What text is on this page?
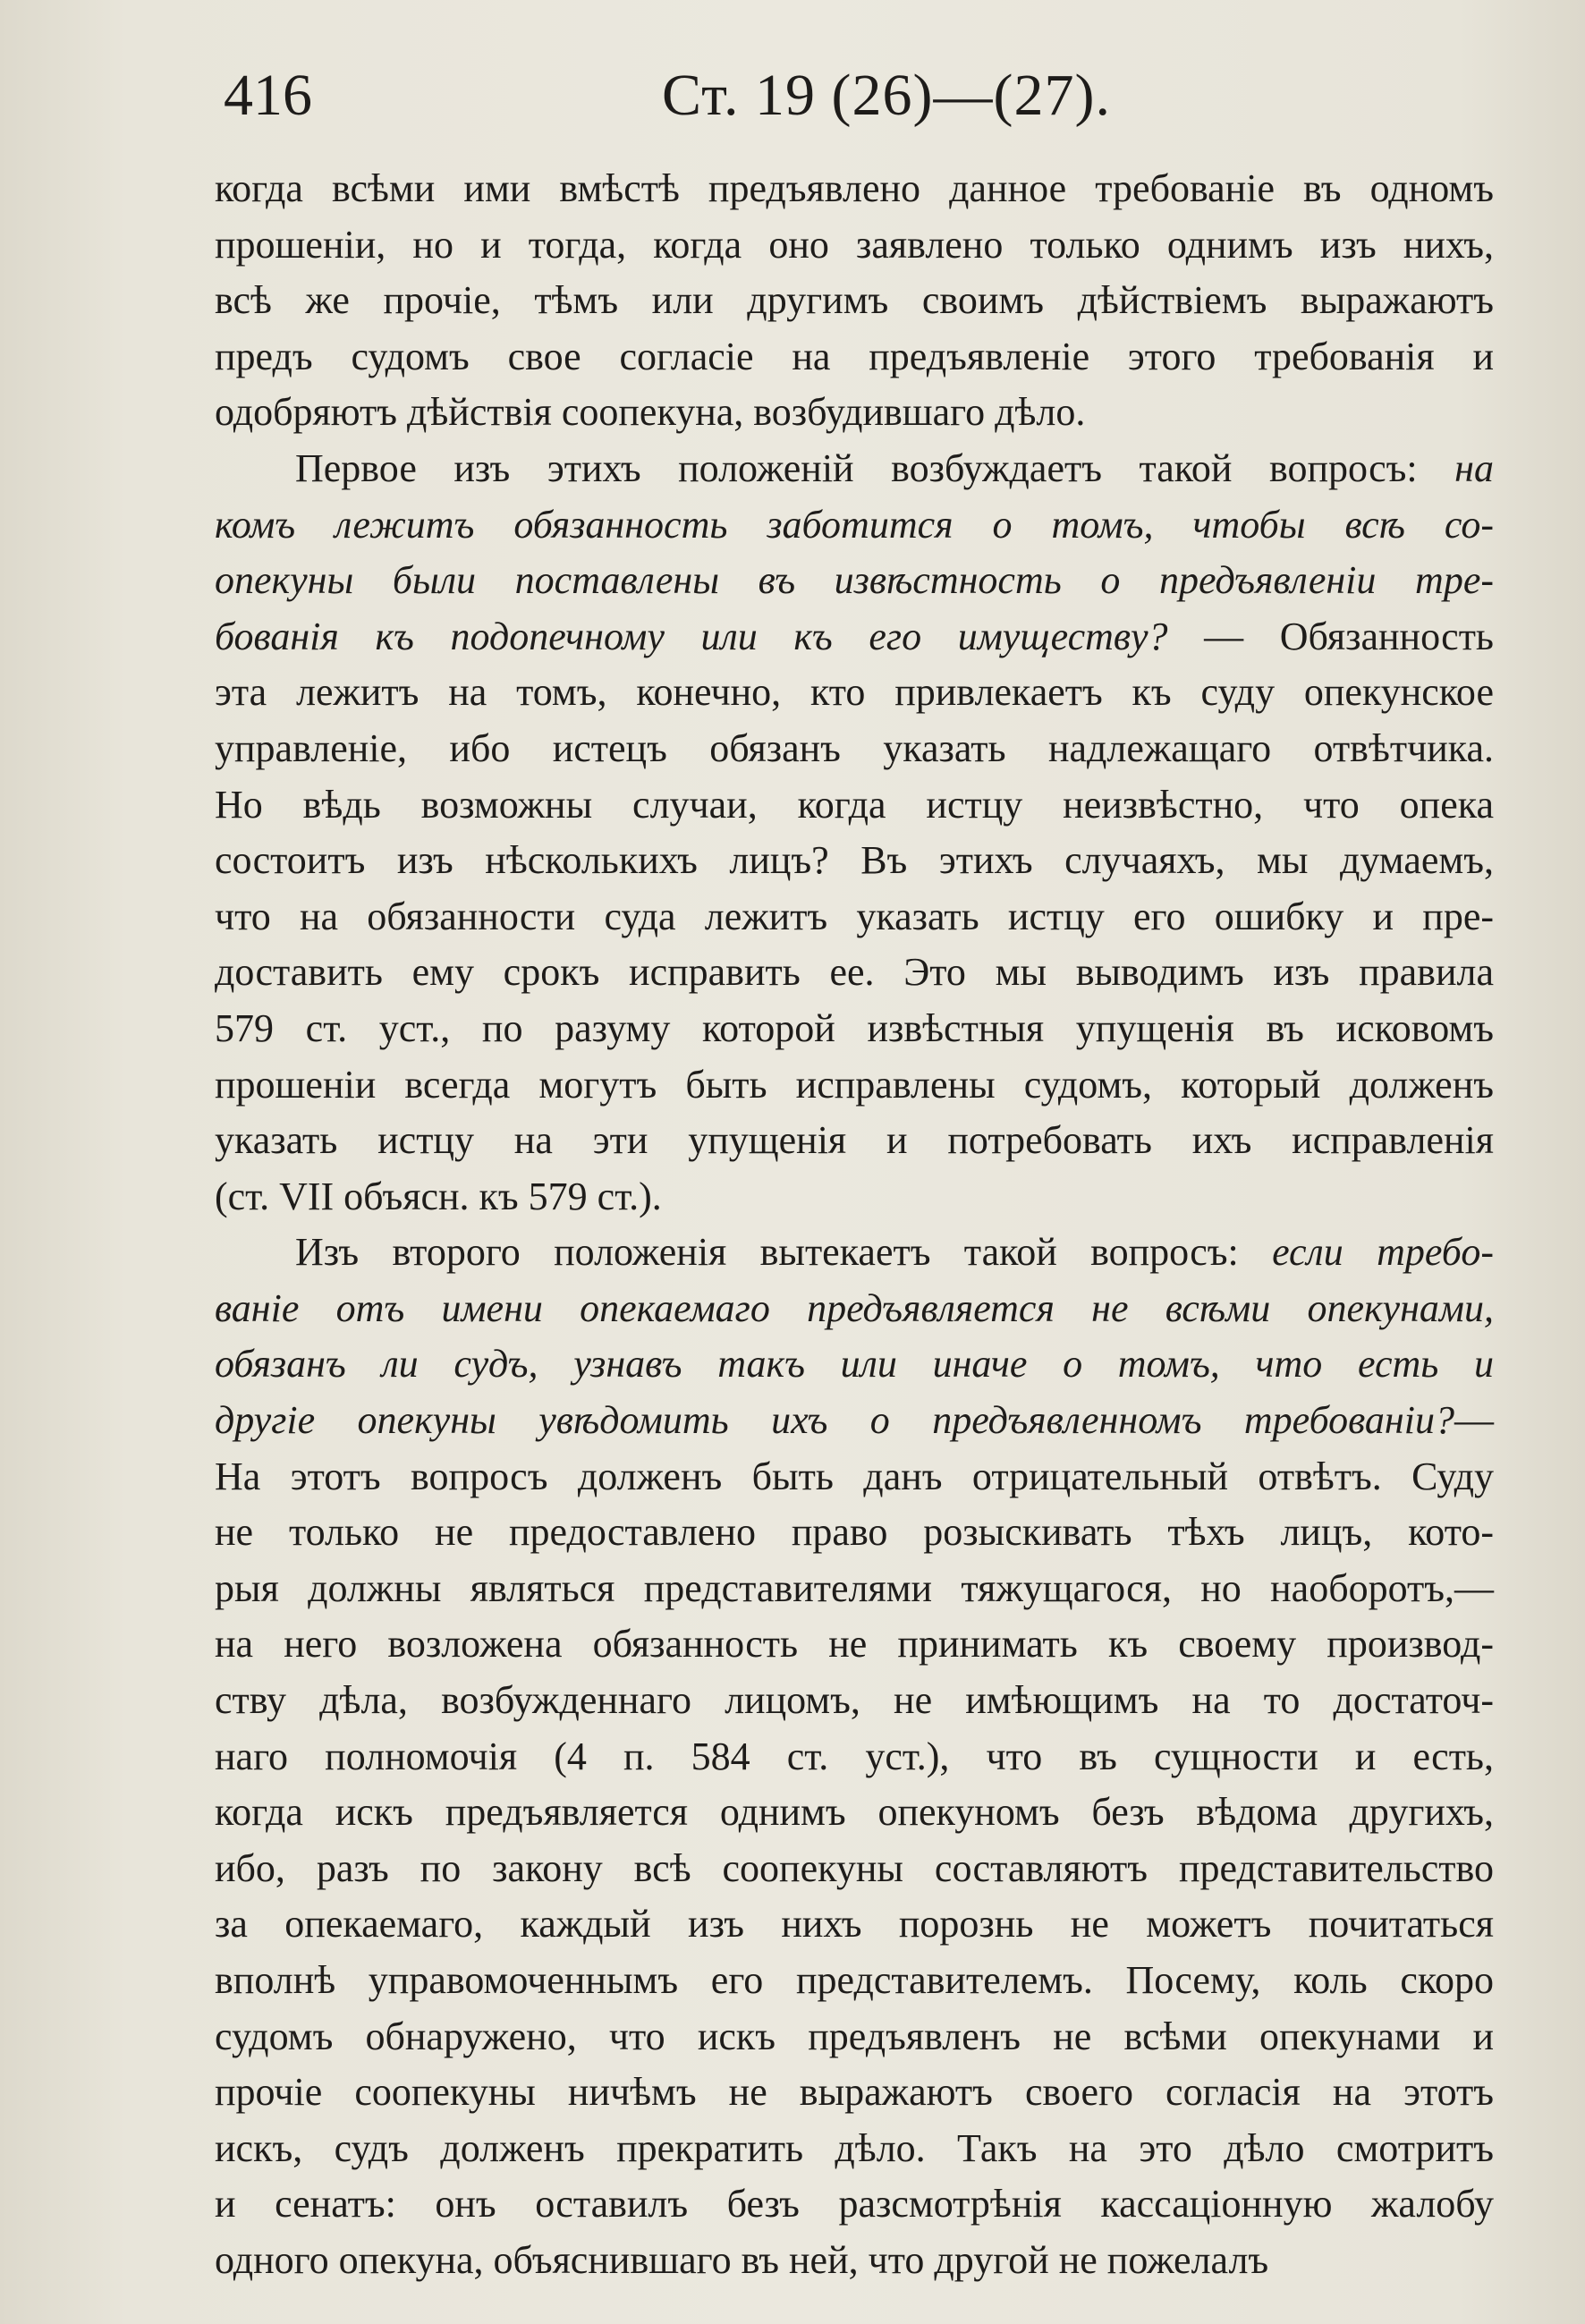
416	Ст. 19 (26)—(27).
когда всѣми ими вмѣстѣ предъявлено данное требованіе въ одномъ
прошеніи, но и тогда, когда оно заявлено только однимъ изъ нихъ,
всѣ же прочіе, тѣмъ или другимъ своимъ дѣйствіемъ выражаютъ
предъ судомъ свое согласіе на предъявленіе этого требованія и
одобряютъ дѣйствія соопекуна, возбудившаго дѣло.
Первое изъ этихъ положеній возбуждаетъ такой вопросъ: на
комъ лежитъ обязанность заботится о томъ, чтобы всѣ со-
опекуны были поставлены въ извѣстность о предъявленіи тре-
бованія къ подопечному или къ его имуществу? — Обязанность
эта лежитъ на томъ, конечно, кто привлекаетъ къ суду опекунское
управленіе, ибо истецъ обязанъ указать надлежащаго отвѣтчика.
Но вѣдь возможны случаи, когда истцу неизвѣстно, что опека
состоитъ изъ нѣсколькихъ лицъ? Въ этихъ случаяхъ, мы думаемъ,
что на обязанности суда лежитъ указать истцу его ошибку и пре-
доставить ему срокъ исправить ее. Это мы выводимъ изъ правила
579 ст. уст., по разуму которой извѣстныя упущенія въ исковомъ
прошеніи всегда могутъ быть исправлены судомъ, который долженъ
указать истцу на эти упущенія и потребовать ихъ исправленія
(ст. VII объясн. къ 579 ст.).
Изъ второго положенія вытекаетъ такой вопросъ: если требо-
ваніе отъ имени опекаемаго предъявляется не всѣми опекунами,
обязанъ ли судъ, узнавъ такъ или иначе о томъ, что есть и
другіе опекуны увѣдомить ихъ о предъявленномъ требованіи?—
На этотъ вопросъ долженъ быть данъ отрицательный отвѣтъ. Суду
не только не предоставлено право розыскивать тѣхъ лицъ, кото-
рыя должны являться представителями тяжущагося, но наоборотъ,—
на него возложена обязанность не принимать къ своему производ-
ству дѣла, возбужденнаго лицомъ, не имѣющимъ на то достаточ-
наго полномочія (4 п. 584 ст. уст.), что въ сущности и есть,
когда искъ предъявляется однимъ опекуномъ безъ вѣдома другихъ,
ибо, разъ по закону всѣ соопекуны составляютъ представительство
за опекаемаго, каждый изъ нихъ порознь не можетъ почитаться
вполнѣ управомоченнымъ его представителемъ. Посему, коль скоро
судомъ обнаружено, что искъ предъявленъ не всѣми опекунами и
прочіе соопекуны ничѣмъ не выражаютъ своего согласія на этотъ
искъ, судъ долженъ прекратить дѣло. Такъ на это дѣло смотритъ
и сенатъ: онъ оставилъ безъ разсмотрѣнія кассаціонную жалобу
одного опекуна, объяснившаго въ ней, что другой не пожелалъ
